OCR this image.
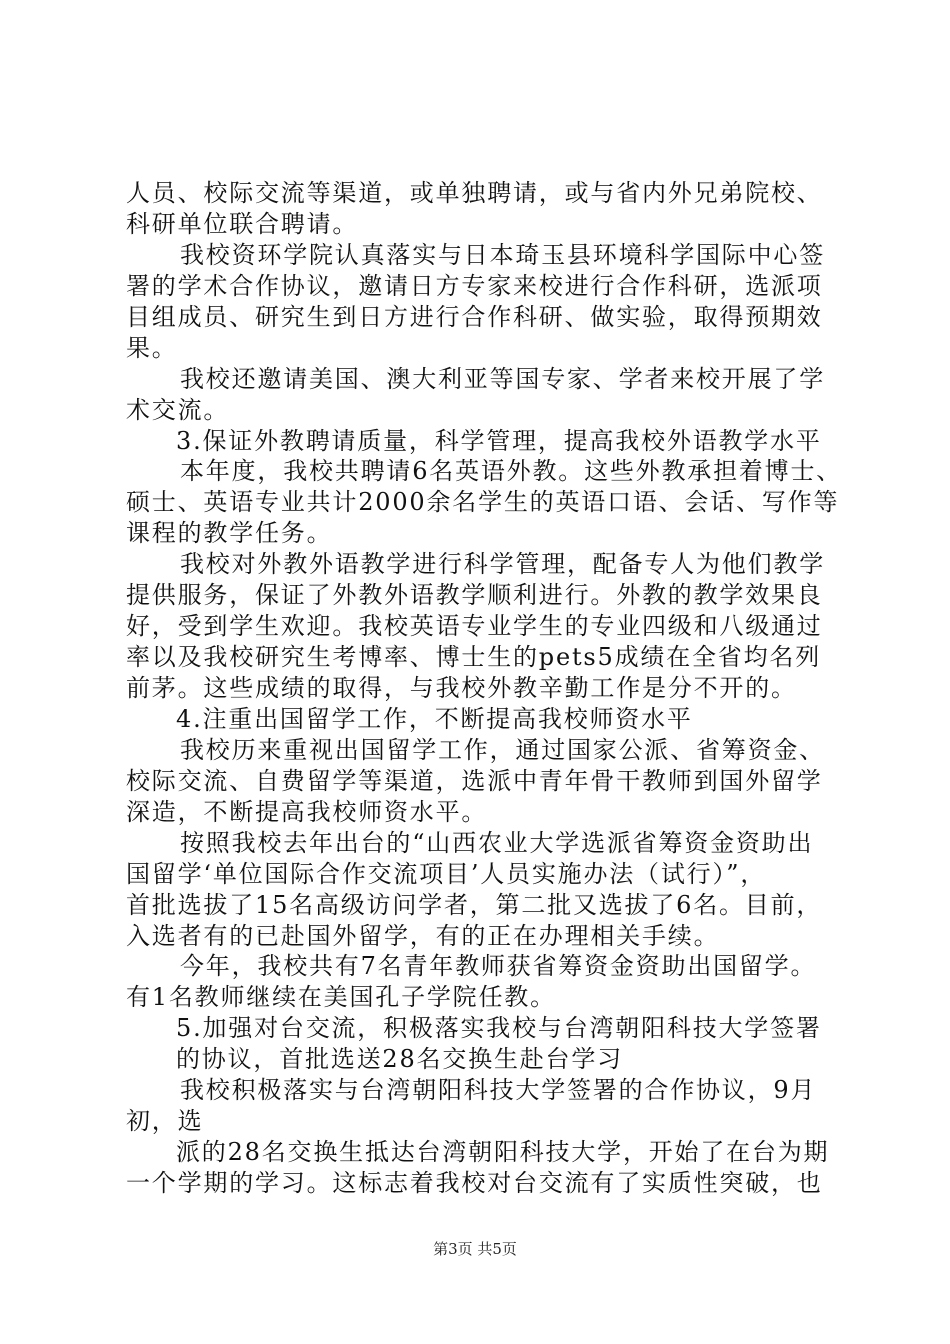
人员、校际交流等渠道，或单独聘请，或与省内外兄弟院校、
科研单位联合聘请。
我校资环学院认真落实与日本琦玉县环境科学国际中心签
署的学术合作协议，邀请日方专家来校进行合作科研，选派项
目组成员、研究生到日方进行合作科研、做实验，取得预期效
果。
我校还邀请美国、澳大利亚等国专家、学者来校开展了学
术交流。
3.保证外教聘请质量，科学管理，提高我校外语教学水平
本年度，我校共聘请6名英语外教。这些外教承担着博士、
硕士、英语专业共计2000余名学生的英语口语、会话、写作等
课程的教学任务。
我校对外教外语教学进行科学管理，配备专人为他们教学
提供服务，保证了外教外语教学顺利进行。外教的教学效果良
好，受到学生欢迎。我校英语专业学生的专业四级和八级通过
率以及我校研究生考博率、博士生的pets5成绩在全省均名列
前茅。这些成绩的取得，与我校外教辛勤工作是分不开的。
4.注重出国留学工作，不断提高我校师资水平
我校历来重视出国留学工作，通过国家公派、省筹资金、
校际交流、自费留学等渠道，选派中青年骨干教师到国外留学
深造，不断提高我校师资水平。
按照我校去年出台的“山西农业大学选派省筹资金资助出
国留学‘单位国际合作交流项目’人员实施办法（试行）”，
首批选拔了15名高级访问学者，第二批又选拔了6名。目前，
入选者有的已赴国外留学，有的正在办理相关手续。
今年，我校共有7名青年教师获省筹资金资助出国留学。
有1名教师继续在美国孔子学院任教。
5.加强对台交流，积极落实我校与台湾朝阳科技大学签署
的协议，首批选送28名交换生赴台学习
我校积极落实与台湾朝阳科技大学签署的合作协议，9月
初，选
派的28名交换生抵达台湾朝阳科技大学，开始了在台为期
一个学期的学习。这标志着我校对台交流有了实质性突破，也
第3页 共5页
